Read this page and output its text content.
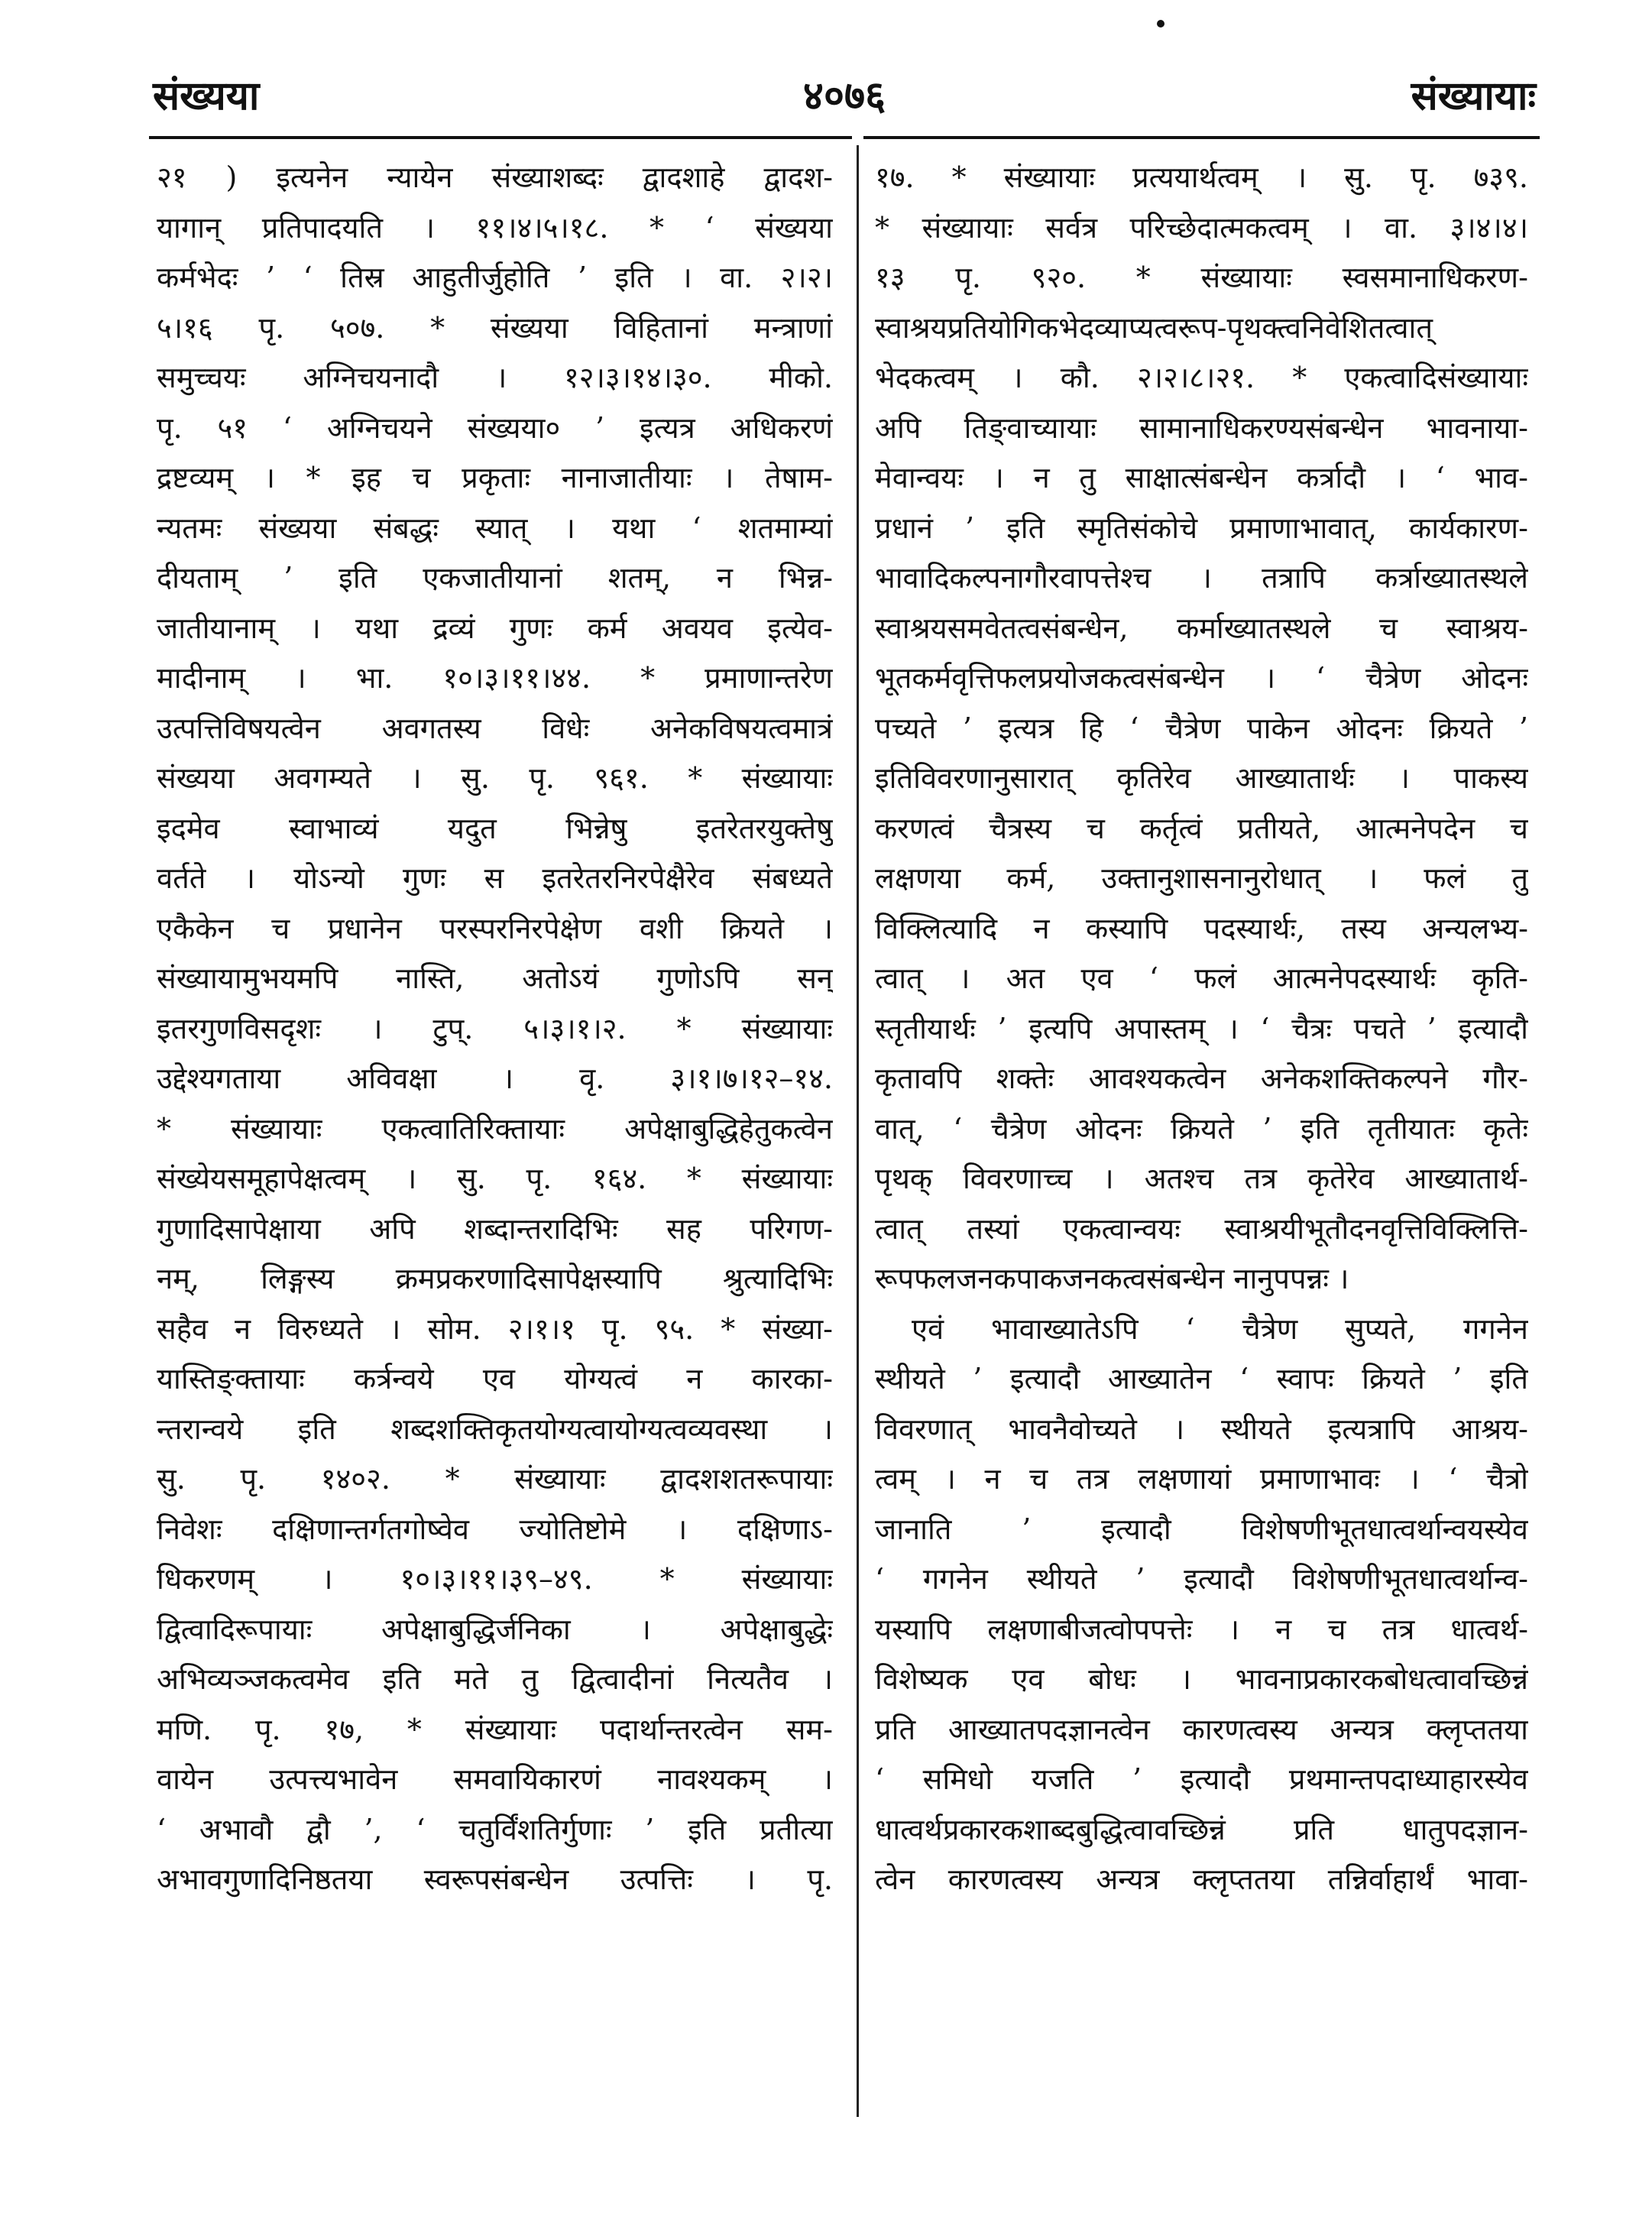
४०७६
संख्यया	संख्यायाः
२१ ) इत्यनेन न्यायेन संख्याशब्दः द्वादशाहे द्वादश-
यागान् प्रतिपादयति । ११।४।५।१८. * ‘ संख्यया
कर्मभेदः ’ ‘ तिस्र आहुतीर्जुहोति ’ इति । वा. २।२।
५।१६ पृ. ५०७. * संख्यया विहितानां मन्त्राणां
समुच्चयः अग्निचयनादौ । १२।३।१४।३०. मीको.
पृ. ५१ ‘ अग्निचयने संख्यया० ’ इत्यत्र अधिकरणं
द्रष्टव्यम् । * इह च प्रकृताः नानाजातीयाः । तेषाम-
न्यतमः संख्यया संबद्धः स्यात् । यथा ‘ शतमाम्यां
दीयताम् ’ इति एकजातीयानां शतम्, न भिन्न-
जातीयानाम् । यथा द्रव्यं गुणः कर्म अवयव इत्येव-
मादीनाम् । भा. १०।३।११।४४. * प्रमाणान्तरेण
उत्पत्तिविषयत्वेन अवगतस्य विधेः अनेकविषयत्वमात्रं
संख्यया अवगम्यते । सु. पृ. ९६१. * संख्यायाः
इदमेव स्वाभाव्यं यदुत भिन्नेषु इतरेतरयुक्तेषु
वर्तते । योऽन्यो गुणः स इतरेतरनिरपेक्षैरेव संबध्यते
एकैकेन च प्रधानेन परस्परनिरपेक्षेण वशी क्रियते ।
संख्यायामुभयमपि नास्ति, अतोऽयं गुणोऽपि सन्
इतरगुणविसदृशः । टुप्. ५।३।१।२. * संख्यायाः
उद्देश्यगताया अविवक्षा । वृ. ३।१।७।१२–१४.
* संख्यायाः एकत्वातिरिक्तायाः अपेक्षाबुद्धिहेतुकत्वेन
संख्येयसमूहापेक्षत्वम् । सु. पृ. १६४. * संख्यायाः
गुणादिसापेक्षाया अपि शब्दान्तरादिभिः सह परिगण-
नम्, लिङ्गस्य क्रमप्रकरणादिसापेक्षस्यापि श्रुत्यादिभिः
सहैव न विरुध्यते । सोम. २।१।१ पृ. ९५. * संख्या-
यास्तिङ्क्तायाः कर्त्रन्वये एव योग्यत्वं न कारका-
न्तरान्वये इति शब्दशक्तिकृतयोग्यत्वायोग्यत्वव्यवस्था ।
सु. पृ. १४०२. * संख्यायाः द्वादशशतरूपायाः
निवेशः दक्षिणान्तर्गतगोष्वेव ज्योतिष्टोमे । दक्षिणाऽ-
धिकरणम् । १०।३।११।३९–४९. * संख्यायाः
द्वित्वादिरूपायाः अपेक्षाबुद्धिर्जनिका । अपेक्षाबुद्धेः
अभिव्यञ्जकत्वमेव इति मते तु द्वित्वादीनां नित्यतैव ।
मणि. पृ. १७, * संख्यायाः पदार्थान्तरत्वेन सम-
वायेन उत्पत्त्यभावेन समवायिकारणं नावश्यकम् ।
‘ अभावौ द्वौ ’, ‘ चतुर्विंशतिर्गुणाः ’ इति प्रतीत्या
अभावगुणादिनिष्ठतया स्वरूपसंबन्धेन उत्पत्तिः । पृ.
१७. * संख्यायाः प्रत्ययार्थत्वम् । सु. पृ. ७३९.
* संख्यायाः सर्वत्र परिच्छेदात्मकत्वम् । वा. ३।४।४।
१३ पृ. ९२०. * संख्यायाः स्वसमानाधिकरण-
स्वाश्रयप्रतियोगिकभेदव्याप्यत्वरूप-पृथक्त्वनिवेशितत्वात्
भेदकत्वम् । कौ. २।२।८।२१. * एकत्वादिसंख्यायाः
अपि तिङ्वाच्यायाः सामानाधिकरण्यसंबन्धेन भावनाया-
मेवान्वयः । न तु साक्षात्संबन्धेन कर्त्रादौ । ‘ भाव-
प्रधानं ’ इति स्मृतिसंकोचे प्रमाणाभावात्, कार्यकारण-
भावादिकल्पनागौरवापत्तेश्च । तत्रापि कर्त्राख्यातस्थले
स्वाश्रयसमवेतत्वसंबन्धेन, कर्माख्यातस्थले च स्वाश्रय-
भूतकर्मवृत्तिफलप्रयोजकत्वसंबन्धेन । ‘ चैत्रेण ओदनः
पच्यते ’ इत्यत्र हि ‘ चैत्रेण पाकेन ओदनः क्रियते ’
इतिविवरणानुसारात् कृतिरेव आख्यातार्थः । पाकस्य
करणत्वं चैत्रस्य च कर्तृत्वं प्रतीयते, आत्मनेपदेन च
लक्षणया कर्म, उक्तानुशासनानुरोधात् । फलं तु
विक्लित्यादि न कस्यापि पदस्यार्थः, तस्य अन्यलभ्य-
त्वात् । अत एव ‘ फलं आत्मनेपदस्यार्थः कृति-
स्तृतीयार्थः ’ इत्यपि अपास्तम् । ‘ चैत्रः पचते ’ इत्यादौ
कृतावपि शक्तेः आवश्यकत्वेन अनेकशक्तिकल्पने गौर-
वात्, ‘ चैत्रेण ओदनः क्रियते ’ इति तृतीयातः कृतेः
पृथक् विवरणाच्च । अतश्च तत्र कृतेरेव आख्यातार्थ-
त्वात् तस्यां एकत्वान्वयः स्वाश्रयीभूतौदनवृत्तिविक्लित्ति-
रूपफलजनकपाकजनकत्वसंबन्धेन नानुपपन्नः ।
एवं भावाख्यातेऽपि ‘ चैत्रेण सुप्यते, गगनेन
स्थीयते ’ इत्यादौ आख्यातेन ‘ स्वापः क्रियते ’ इति
विवरणात् भावनैवोच्यते । स्थीयते इत्यत्रापि आश्रय-
त्वम् । न च तत्र लक्षणायां प्रमाणाभावः । ‘ चैत्रो
जानाति ’ इत्यादौ विशेषणीभूतधात्वर्थान्वयस्येव
‘ गगनेन स्थीयते ’ इत्यादौ विशेषणीभूतधात्वर्थान्व-
यस्यापि लक्षणाबीजत्वोपपत्तेः । न च तत्र धात्वर्थ-
विशेष्यक एव बोधः । भावनाप्रकारकबोधत्वावच्छिन्नं
प्रति आख्यातपदज्ञानत्वेन कारणत्वस्य अन्यत्र क्लृप्ततया
‘ समिधो यजति ’ इत्यादौ प्रथमान्तपदाध्याहारस्येव
धात्वर्थप्रकारकशाब्दबुद्धित्वावच्छिन्नं प्रति धातुपदज्ञान-
त्वेन कारणत्वस्य अन्यत्र क्लृप्ततया तन्निर्वाहार्थं भावा-
